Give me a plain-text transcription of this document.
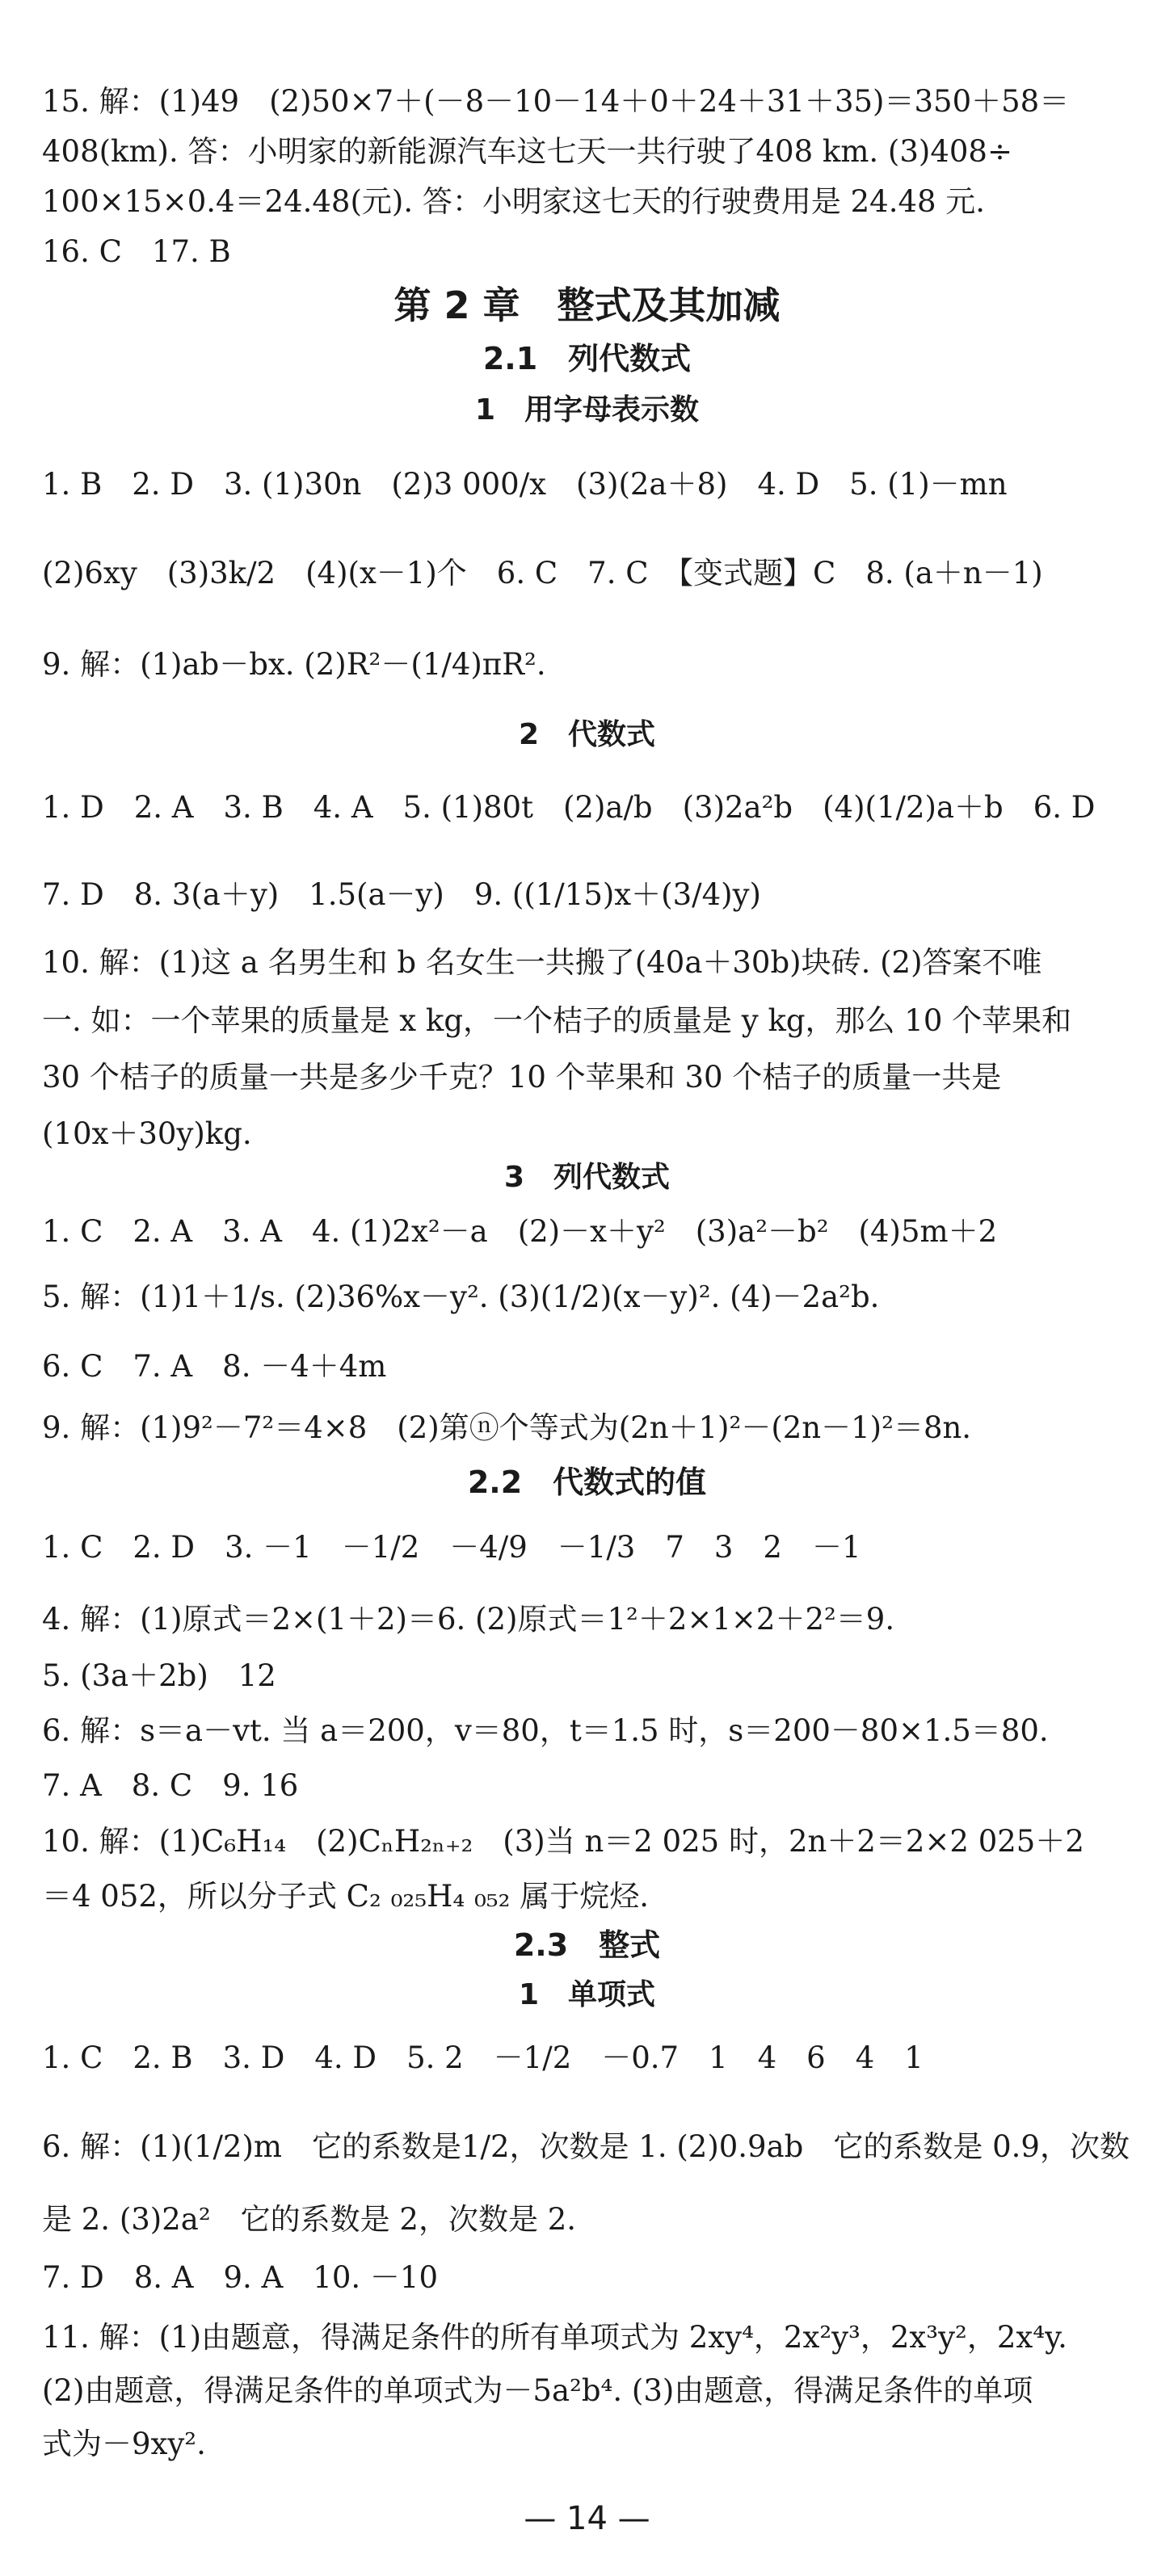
15. 解：(1)49　(2)50×7＋(－8－10－14＋0＋24＋31＋35)＝350＋58＝
408(km). 答：小明家的新能源汽车这七天一共行驶了408 km. (3)408÷
100×15×0.4＝24.48(元). 答：小明家这七天的行驶费用是 24.48 元.
16. C　17. B
第 2 章　整式及其加减
2.1　列代数式
1　用字母表示数
1. B　2. D　3. (1)30n　(2)3 000/x　(3)(2a＋8)　4. D　5. (1)－mn
(2)6xy　(3)3k/2　(4)(x－1)个　6. C　7. C　【变式题】C　8. (a＋n－1)
9. 解：(1)ab－bx. (2)R²－(1/4)πR².
2　代数式
1. D　2. A　3. B　4. A　5. (1)80t　(2)a/b　(3)2a²b　(4)(1/2)a＋b　6. D
7. D　8. 3(a＋y)　1.5(a－y)　9. ((1/15)x＋(3/4)y)
10. 解：(1)这 a 名男生和 b 名女生一共搬了(40a＋30b)块砖. (2)答案不唯
一. 如：一个苹果的质量是 x kg，一个桔子的质量是 y kg，那么 10 个苹果和
30 个桔子的质量一共是多少千克？10 个苹果和 30 个桔子的质量一共是
(10x＋30y)kg.
3　列代数式
1. C　2. A　3. A　4. (1)2x²－a　(2)－x＋y²　(3)a²－b²　(4)5m＋2
5. 解：(1)1＋1/s. (2)36%x－y². (3)(1/2)(x－y)². (4)－2a²b.
6. C　7. A　8. －4＋4m
9. 解：(1)9²－7²＝4×8　(2)第ⓝ个等式为(2n＋1)²－(2n－1)²＝8n.
2.2　代数式的值
1. C　2. D　3. －1　－1/2　－4/9　－1/3　7　3　2　－1
4. 解：(1)原式＝2×(1＋2)＝6. (2)原式＝1²＋2×1×2＋2²＝9.
5. (3a＋2b)　12
6. 解：s＝a－vt. 当 a＝200，v＝80，t＝1.5 时，s＝200－80×1.5＝80.
7. A　8. C　9. 16
10. 解：(1)C₆H₁₄　(2)CₙH₂ₙ₊₂　(3)当 n＝2 025 时，2n＋2＝2×2 025＋2
＝4 052，所以分子式 C₂ ₀₂₅H₄ ₀₅₂ 属于烷烃.
2.3　整式
1　单项式
1. C　2. B　3. D　4. D　5. 2　－1/2　－0.7　1　4　6　4　1
6. 解：(1)(1/2)m　它的系数是1/2，次数是 1. (2)0.9ab　它的系数是 0.9，次数
是 2. (3)2a²　它的系数是 2，次数是 2.
7. D　8. A　9. A　10. －10
11. 解：(1)由题意，得满足条件的所有单项式为 2xy⁴，2x²y³，2x³y²，2x⁴y.
(2)由题意，得满足条件的单项式为－5a²b⁴. (3)由题意，得满足条件的单项
式为－9xy².
— 14 —
